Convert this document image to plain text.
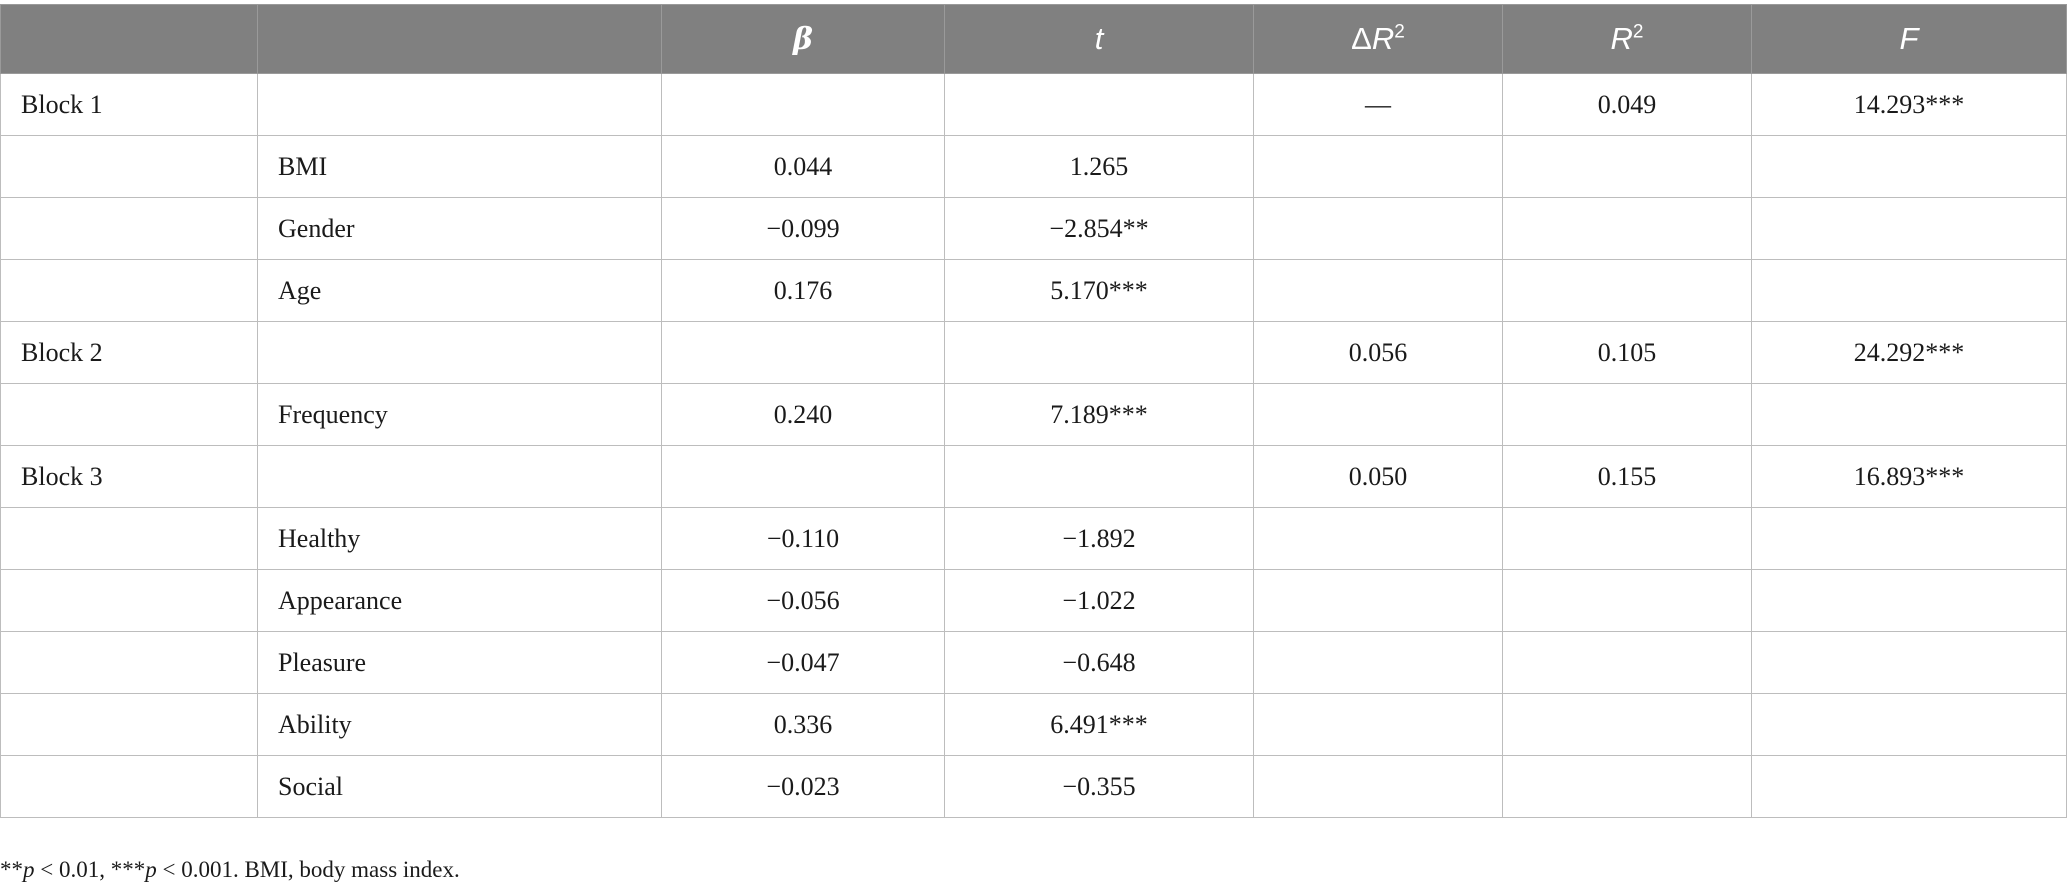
		β	t	$\Delta R^2$	$R^2$	F
Block 1				—	0.049	14.293***
	BMI	0.044	1.265			
	Gender	−0.099	−2.854**			
	Age	0.176	5.170***			
Block 2				0.056	0.105	24.292***
	Frequency	0.240	7.189***			
Block 3				0.050	0.155	16.893***
	Healthy	−0.110	−1.892			
	Appearance	−0.056	−1.022			
	Pleasure	−0.047	−0.648			
	Ability	0.336	6.491***			
	Social	−0.023	−0.355			
**p < 0.01, ***p < 0.001. BMI, body mass index.
